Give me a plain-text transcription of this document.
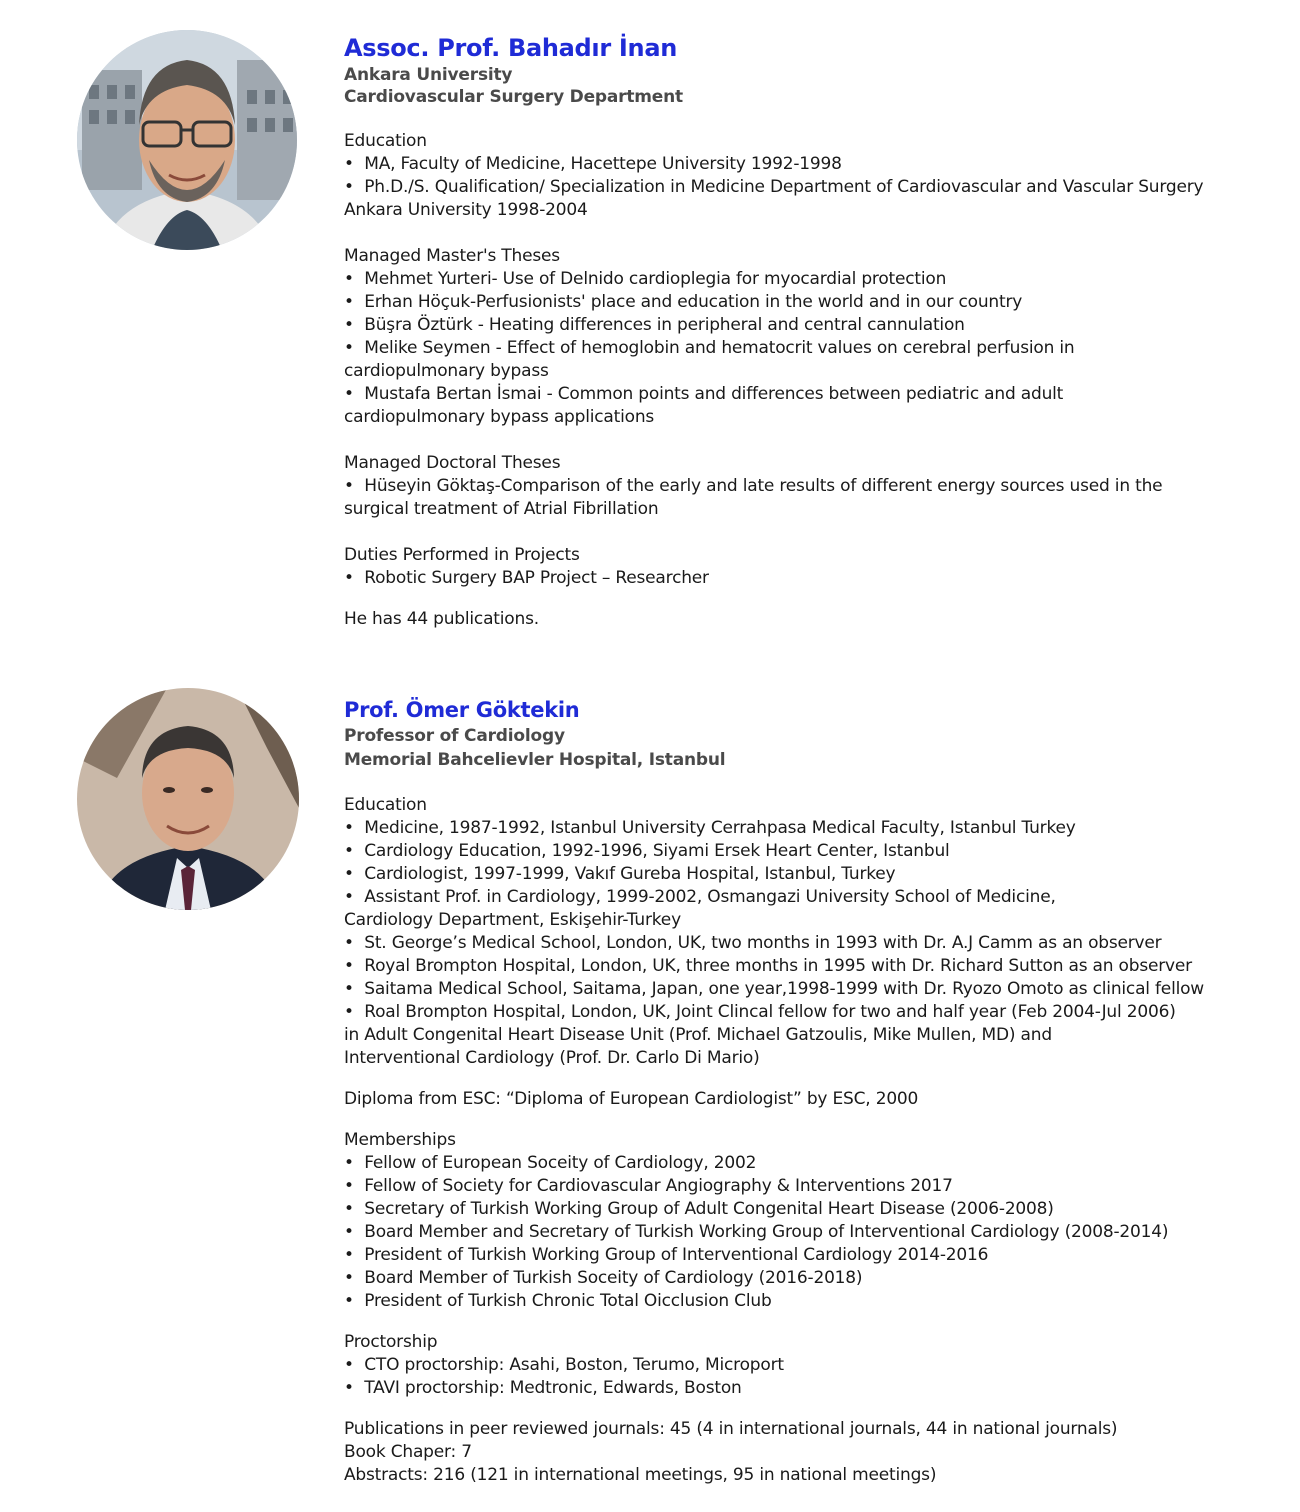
Assoc. Prof. Bahadır İnan
Ankara University
Cardiovascular Surgery Department
Education
•  MA, Faculty of Medicine, Hacettepe University 1992-1998
•  Ph.D./S. Qualification/ Specialization in Medicine Department of Cardiovascular and Vascular Surgery
Ankara University 1998-2004
Managed Master's Theses
•  Mehmet Yurteri- Use of Delnido cardioplegia for myocardial protection
•  Erhan Höçuk-Perfusionists' place and education in the world and in our country
•  Büşra Öztürk - Heating differences in peripheral and central cannulation
•  Melike Seymen - Effect of hemoglobin and hematocrit values on cerebral perfusion in
cardiopulmonary bypass
•  Mustafa Bertan İsmai - Common points and differences between pediatric and adult
cardiopulmonary bypass applications
Managed Doctoral Theses
•  Hüseyin Göktaş-Comparison of the early and late results of different energy sources used in the
surgical treatment of Atrial Fibrillation
Duties Performed in Projects
•  Robotic Surgery BAP Project – Researcher
He has 44 publications.
Prof. Ömer Göktekin
Professor of Cardiology
Memorial Bahcelievler Hospital, Istanbul
Education
•  Medicine, 1987-1992, Istanbul University Cerrahpasa Medical Faculty, Istanbul Turkey
•  Cardiology Education, 1992-1996, Siyami Ersek Heart Center, Istanbul
•  Cardiologist, 1997-1999, Vakıf Gureba Hospital, Istanbul, Turkey
•  Assistant Prof. in Cardiology, 1999-2002, Osmangazi University School of Medicine,
Cardiology Department, Eskişehir-Turkey
•  St. George’s Medical School, London, UK, two months in 1993 with Dr. A.J Camm as an observer
•  Royal Brompton Hospital, London, UK, three months in 1995 with Dr. Richard Sutton as an observer
•  Saitama Medical School, Saitama, Japan, one year,1998-1999 with Dr. Ryozo Omoto as clinical fellow
•  Roal Brompton Hospital, London, UK, Joint Clincal fellow for two and half year (Feb 2004-Jul 2006)
in Adult Congenital Heart Disease Unit (Prof. Michael Gatzoulis, Mike Mullen, MD) and
Interventional Cardiology (Prof. Dr. Carlo Di Mario)
Diploma from ESC: “Diploma of European Cardiologist” by ESC, 2000
Memberships
•  Fellow of European Soceity of Cardiology, 2002
•  Fellow of Society for Cardiovascular Angiography & Interventions 2017
•  Secretary of Turkish Working Group of Adult Congenital Heart Disease (2006-2008)
•  Board Member and Secretary of Turkish Working Group of Interventional Cardiology (2008-2014)
•  President of Turkish Working Group of Interventional Cardiology 2014-2016
•  Board Member of Turkish Soceity of Cardiology (2016-2018)
•  President of Turkish Chronic Total Oicclusion Club
Proctorship
•  CTO proctorship: Asahi, Boston, Terumo, Microport
•  TAVI proctorship: Medtronic, Edwards, Boston
Publications in peer reviewed journals: 45 (4 in international journals, 44 in national journals)
Book Chaper: 7
Abstracts: 216 (121 in international meetings, 95 in national meetings)
